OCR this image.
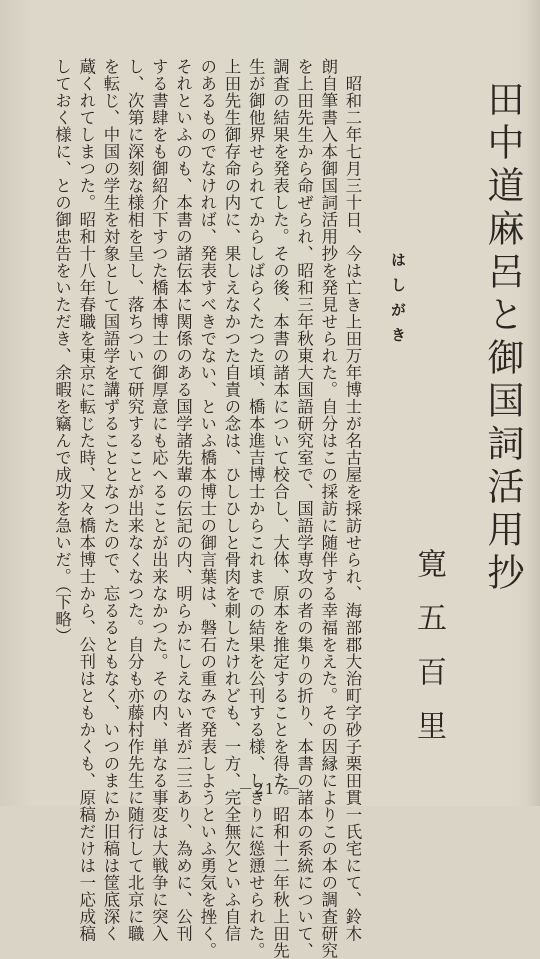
田中道麻呂と御国詞活用抄
はしがき
寛五百里
　昭和二年七月三十日、今は亡き上田万年博士が名古屋を採訪せられ、海部郡大治町字砂子栗田貫一氏宅にて、鈴木
朗自筆書入本御国詞活用抄を発見せられた。自分はこの採訪に随伴する幸福をえた。その因縁によりこの本の調査研究
を上田先生から命ぜられ、昭和三年秋東大国語研究室で、国語学専攻の者の集りの折り、本書の諸本の系統について、
調査の結果を発表した。その後、本書の諸本について校合し、大体、原本を推定することを得た。昭和十二年秋上田先
生が御他界せられてからしばらくたつた頃、橋本進吉博士からこれまでの結果を公刊する様、しきりに慫慂せられた。
上田先生御存命の内に、果しえなかつた自責の念は、ひしひしと骨肉を刺したけれども、一方、完全無欠といふ自信
のあるものでなければ、発表すべきでない、といふ橋本博士の御言葉は、磐石の重みで発表しようといふ勇気を挫く。
それといふのも、本書の諸伝本に関係のある国学諸先輩の伝記の内、明らかにしえない者が二三あり、為めに、公刊
する書肆をも御紹介下すつた橋本博士の御厚意にも応へることが出来なかつた。その内、単なる事変は大戦争に突入
し、次第に深刻な様相を呈し、落ちついて研究することが出来なくなつた。自分も亦藤村作先生に随行して北京に職
を転じ、中国の学生を対象として国語学を講ずることとなつたので、忘るるともなく、いつのまにか旧稿は筐底深く
蔵くれてしまつた。昭和十八年春職を東京に転じた時、又々橋本博士から、公刊はともかくも、原稿だけは一応成稿
しておく様に、との御忠告をいただき、余暇を竊んで成功を急いだ。（下略）
－217－
